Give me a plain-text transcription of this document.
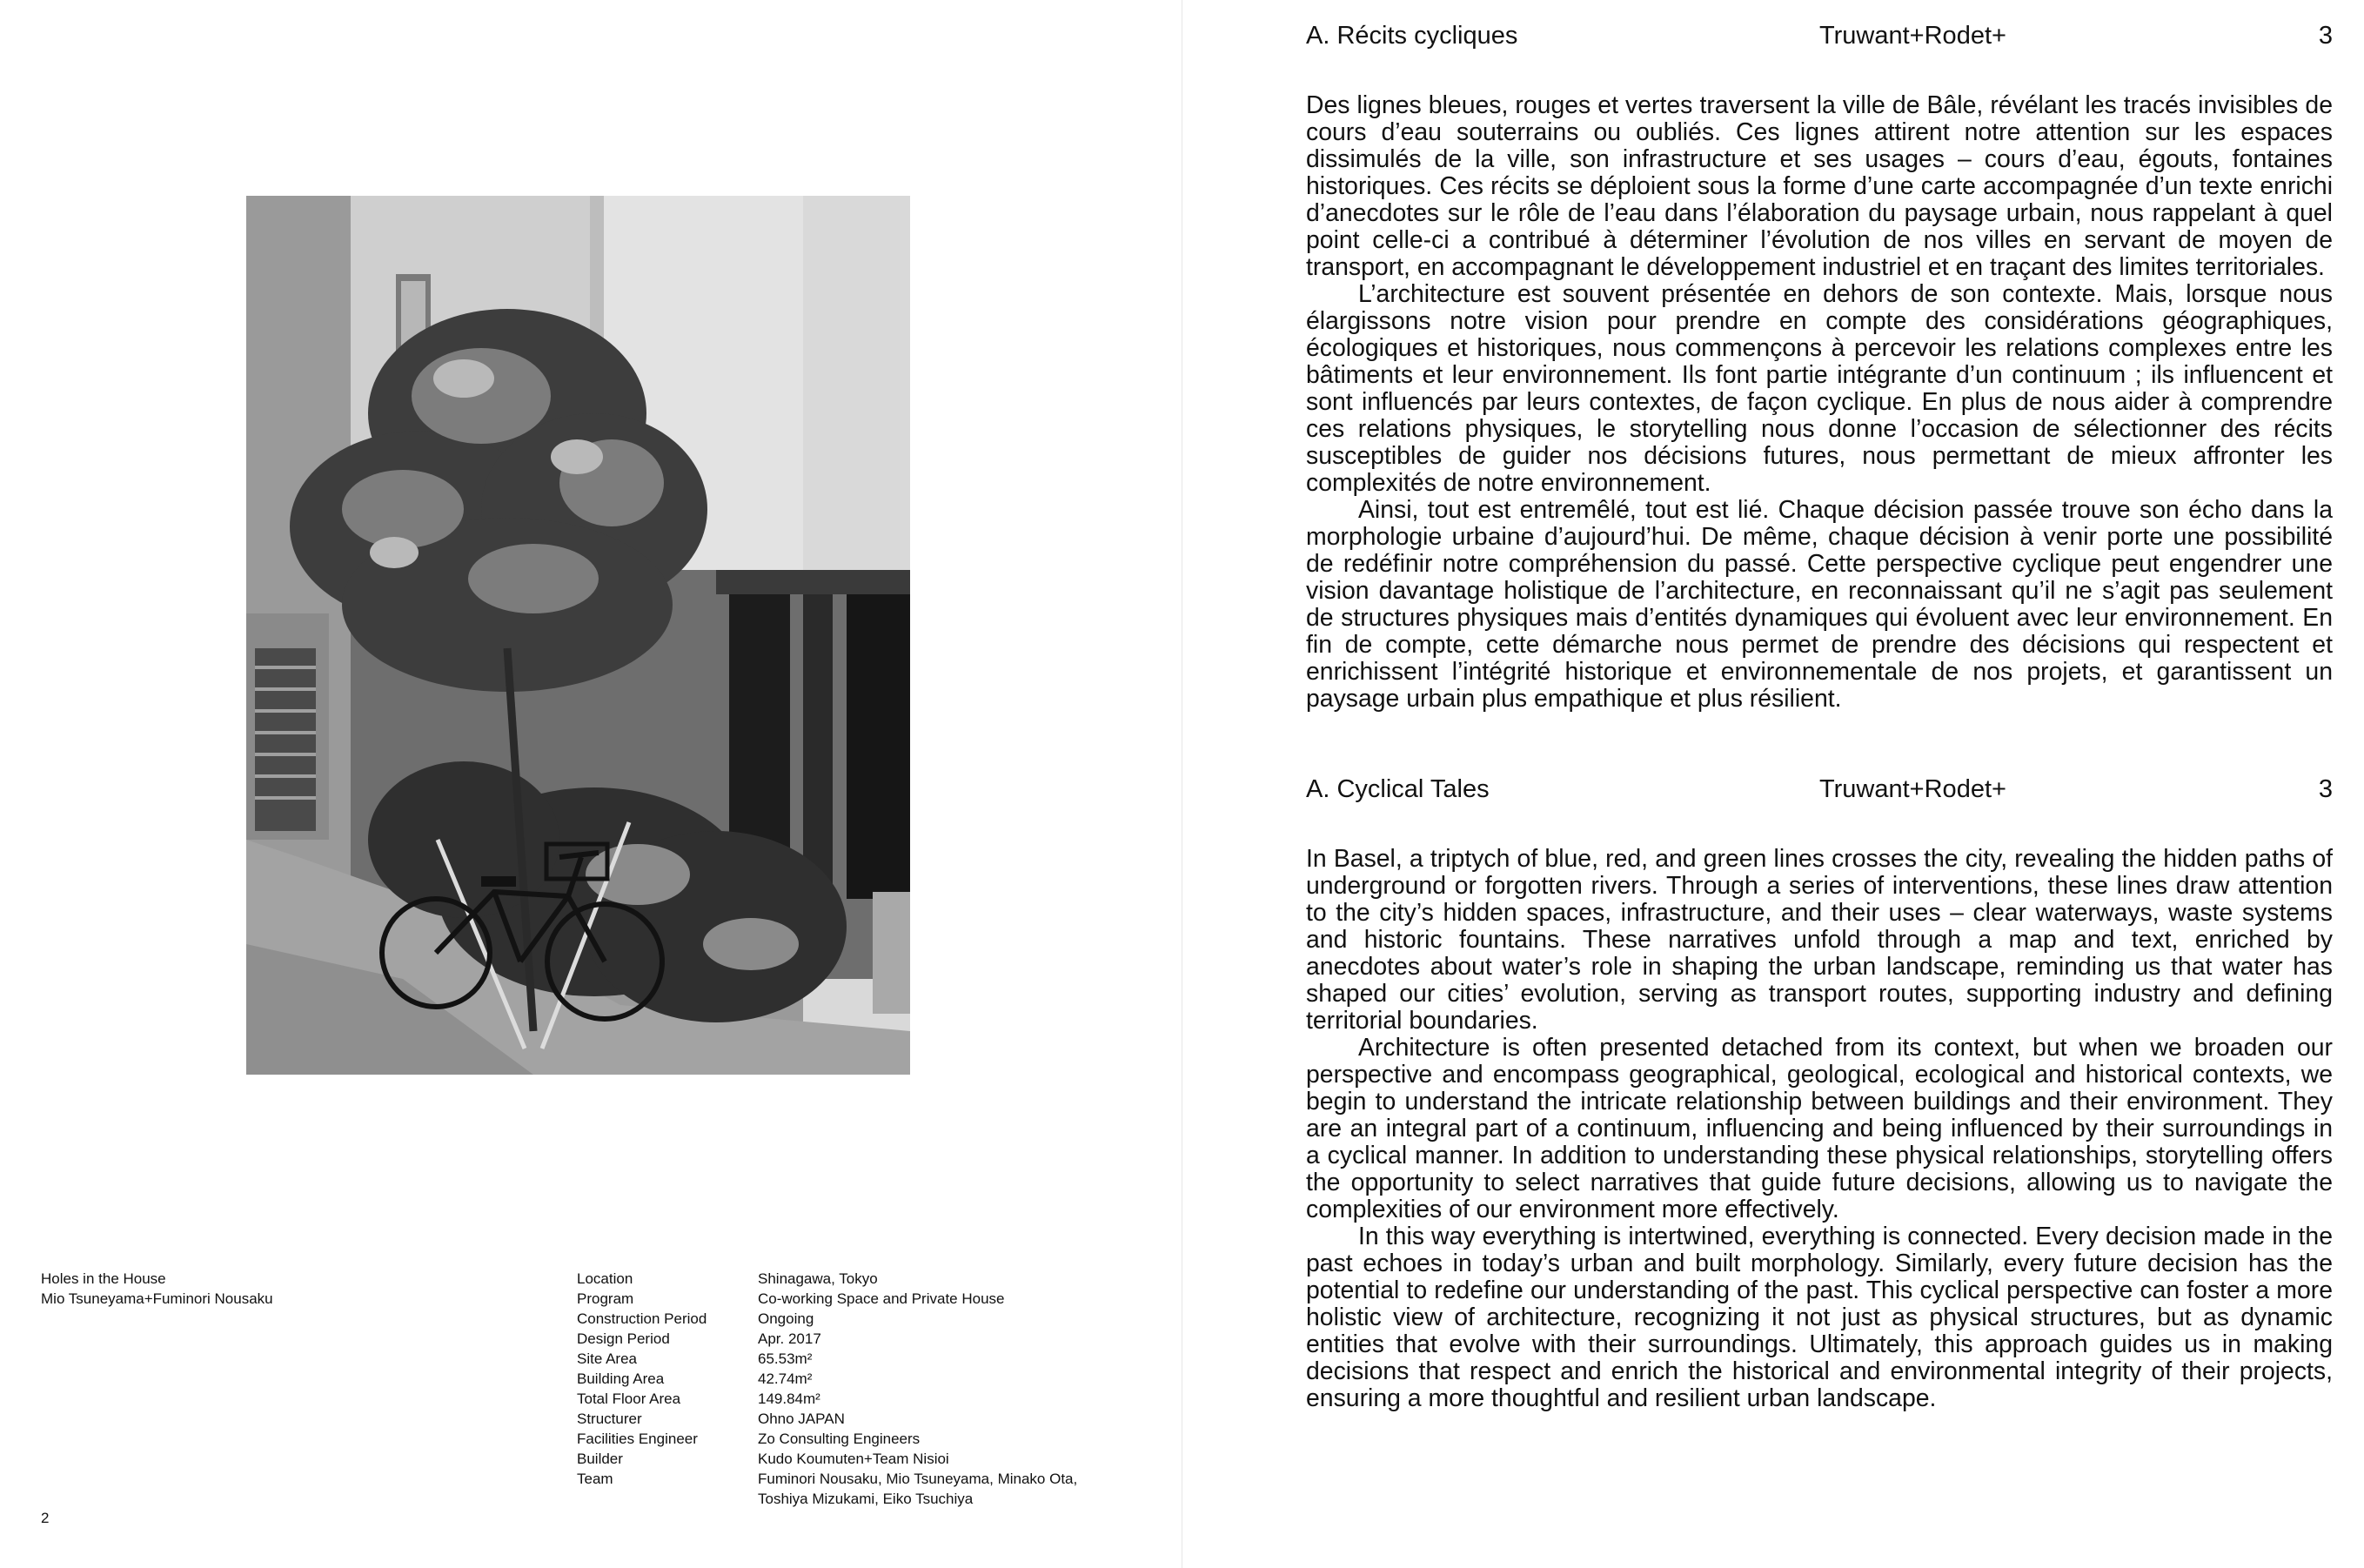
Holes in the House
Mio Tsuneyama+Fuminori Nousaku
Location	Shinagawa, Tokyo
Program	Co-working Space and Private House
Construction Period	Ongoing
Design Period	Apr. 2017
Site Area	65.53m²
Building Area	42.74m²
Total Floor Area	149.84m²
Structurer	Ohno JAPAN
Facilities Engineer	Zo Consulting Engineers
Builder	Kudo Koumuten+Team Nisioi
Team	Fuminori Nousaku, Mio Tsuneyama, Minako Ota, Toshiya Mizukami, Eiko Tsuchiya
2
A. Récits cycliques	Truwant+Rodet+	3

Des lignes bleues, rouges et vertes traversent la ville de Bâle, révélant les tracés invisibles de cours d’eau souterrains ou oubliés. Ces lignes attirent notre attention sur les espaces dissimulés de la ville, son infrastructure et ses usages – cours d’eau, égouts, fontaines historiques. Ces récits se déploient sous la forme d’une carte accompagnée d’un texte enrichi d’anecdotes sur le rôle de l’eau dans l’élaboration du paysage urbain, nous rappelant à quel point celle-ci a contribué à déterminer l’évolution de nos villes en servant de moyen de transport, en accompagnant le développement industriel et en traçant des limites territoriales.

L’architecture est souvent présentée en dehors de son contexte. Mais, lorsque nous élargissons notre vision pour prendre en compte des considérations géographiques, écologiques et historiques, nous commençons à percevoir les relations complexes entre les bâtiments et leur environnement. Ils font partie intégrante d’un continuum ; ils influencent et sont influencés par leurs contextes, de façon cyclique. En plus de nous aider à comprendre ces relations physiques, le storytelling nous donne l’occasion de sélectionner des récits susceptibles de guider nos décisions futures, nous permettant de mieux affronter les complexités de notre environnement.

Ainsi, tout est entremêlé, tout est lié. Chaque décision passée trouve son écho dans la morphologie urbaine d’aujourd’hui. De même, chaque décision à venir porte une possibilité de redéfinir notre compréhension du passé. Cette perspective cyclique peut engendrer une vision davantage holistique de l’architecture, en reconnaissant qu’il ne s’agit pas seulement de structures physiques mais d’entités dynamiques qui évoluent avec leur environnement. En fin de compte, cette démarche nous permet de prendre des décisions qui respectent et enrichissent l’intégrité historique et environnementale de nos projets, et garantissent un paysage urbain plus empathique et plus résilient.

A. Cyclical Tales	Truwant+Rodet+	3

In Basel, a triptych of blue, red, and green lines crosses the city, revealing the hidden paths of underground or forgotten rivers. Through a series of interventions, these lines draw attention to the city’s hidden spaces, infrastructure, and their uses – clear waterways, waste systems and historic fountains. These narratives unfold through a map and text, enriched by anecdotes about water’s role in shaping the urban landscape, reminding us that water has shaped our cities’ evolution, serving as transport routes, supporting industry and defining territorial boundaries.

Architecture is often presented detached from its context, but when we broaden our perspective and encompass geographical, geological, ecological and historical contexts, we begin to understand the intricate relationship between buildings and their environment. They are an integral part of a continuum, influencing and being influenced by their surroundings in a cyclical manner. In addition to understanding these physical relationships, storytelling offers the opportunity to select narratives that guide future decisions, allowing us to navigate the complexities of our environment more effectively.

In this way everything is intertwined, everything is connected. Every decision made in the past echoes in today’s urban and built morphology. Similarly, every future decision has the potential to redefine our understanding of the past. This cyclical perspective can foster a more holistic view of architecture, recognizing it not just as physical structures, but as dynamic entities that evolve with their surroundings. Ultimately, this approach guides us in making decisions that respect and enrich the historical and environmental integrity of their projects, ensuring a more thoughtful and resilient urban landscape.
